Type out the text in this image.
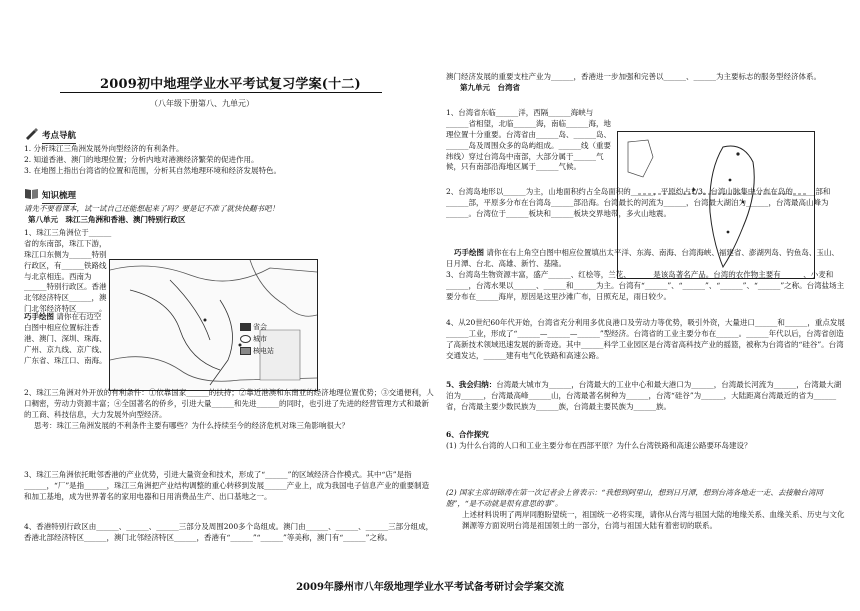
2009初中地理学业水平考试复习学案(十二)
（八年级下册第八、九单元）
考点导航

1. 分析珠江三角洲发展外向型经济的有利条件。

2. 知道香港、澳门的地理位置；分析内地对港澳经济繁荣的促进作用。

3. 在地图上指出台湾省的位置和范围，分析其自然地理环境和经济发展特色。

知识梳理

请先不要看课本，试一试自己还能想起来了吗？要是记不准了就快快翻书吧！

第八单元　珠江三角洲和香港、澳门特别行政区

1、珠江三角洲位于______省的东南部，珠江下游，珠江口东侧为______特别行政区，有______铁路线与北京相连。西南为______特别行政区。香港北邻经济特区______，澳门北邻经济特区______。

巧手绘图 请你在右边空白图中相应位置标注香港、澳门、深圳、珠海、广州、京九线、京广线、广东省、珠江口、南海。

省会
城市
核电站

2、珠江三角洲对外开放的有利条件：①依靠国家______的扶持；②靠近港澳和东南亚的经济地理位置优势；③交通便利，人口稠密，劳动力资源丰富；④全国著名的侨乡，引进大量______和先进______的同时，也引进了先进的经营管理方式和最新的工商、科技信息，大力发展外向型经济。

思考：珠江三角洲发展的不利条件主要有哪些？为什么持续至今的经济危机对珠三角影响很大？

3、珠江三角洲依托毗邻香港的产业优势，引进大量资金和技术，形成了“______”的区域经济合作模式。其中“店”是指______，“厂”是指______，珠江三角洲把产业结构调整的重心转移到发展______产业上，成为我国电子信息产业的重要制造和加工基地，成为世界著名的家用电器和日用消费品生产、出口基地之一。

4、香港特别行政区由______、______、______三部分及周围200多个岛组成。澳门由______、______、______三部分组成，香港北部经济特区______，澳门北邻经济特区______，香港有“______”“______”等美称，澳门有“______”之称。

澳门经济发展的重要支柱产业为______，香港进一步加强和完善以______、______为主要标志的服务型经济体系。

第九单元　台湾省

1、台湾省东临______洋，西隔______海峡与______省相望，北临______海，南临______海，地理位置十分重要。台湾省由______岛、______岛、______岛及周围众多的岛屿组成。______线（重要纬线）穿过台湾岛中南部，大部分属于______气候，只有南部沿海地区属于______气候。

2、台湾岛地形以______为主，山地面积约占全岛面积的______，平原约占1/3。台湾山脉集中分布在岛的______部和______部，平原多分布在台湾岛______部沿海。台湾最长的河流为______，台湾最大湖泊为______，台湾最高山峰为______。台湾位于______板块和______板块交界地带，多火山地震。

巧手绘图 请你在右上角空白图中相应位置填出太平洋、东海、南海、台湾海峡、福建省、澎湖列岛、钓鱼岛、玉山、日月潭、台北、高雄、新竹、基隆。

3、台湾岛生物资源丰富，盛产______、红桧等，兰花、______是该岛著名产品。台湾的农作物主要有______、小麦和______，台湾水果以______、______和______为主。台湾有“______”、“______”、“______”、“______”之称。台湾盐场主要分布在______海岸，原因是这里沙滩广布，日照充足，雨日较少。

4、从20世纪60年代开始，台湾省充分利用多优良港口及劳动力等优势，吸引外资，大量进口______和______，重点发展______工业，形成了“______—______—______”型经济。台湾省的工业主要分布在______。______年代以后，台湾省创造了高新技术领域迅速发展的新奇迹。其中______科学工业园区是台湾省高科技产业的摇篮，被称为台湾省的“硅谷”。台湾交通发达，______建有电气化铁路和高速公路。

5、我会归纳：台湾最大城市为______，台湾最大的工业中心和最大港口为______，台湾最长河流为______，台湾最大湖泊为______，台湾最高峰______山，台湾最著名树种为______，台湾“硅谷”为______，大陆距离台湾最近的省为______省，台湾最主要少数民族为______族，台湾最主要民族为______族。

6、合作探究

(1) 为什么台湾的人口和工业主要分布在西部平原？为什么台湾铁路和高速公路要环岛建设？

(2) 国家主席胡锦涛在第一次记者会上曾表示：“我想到阿里山，想到日月潭，想到台湾各地走一走、去接触台湾同胞”，“是不动就是很有意思的事”。

上述材料说明了两岸同胞盼望统一，祖国统一必将实现，请你从台湾与祖国大陆的地缘关系、血缘关系、历史与文化渊源等方面说明台湾是祖国领土的一部分，台湾与祖国大陆有着密切的联系。

2009年滕州市八年级地理学业水平考试备考研讨会学案交流
